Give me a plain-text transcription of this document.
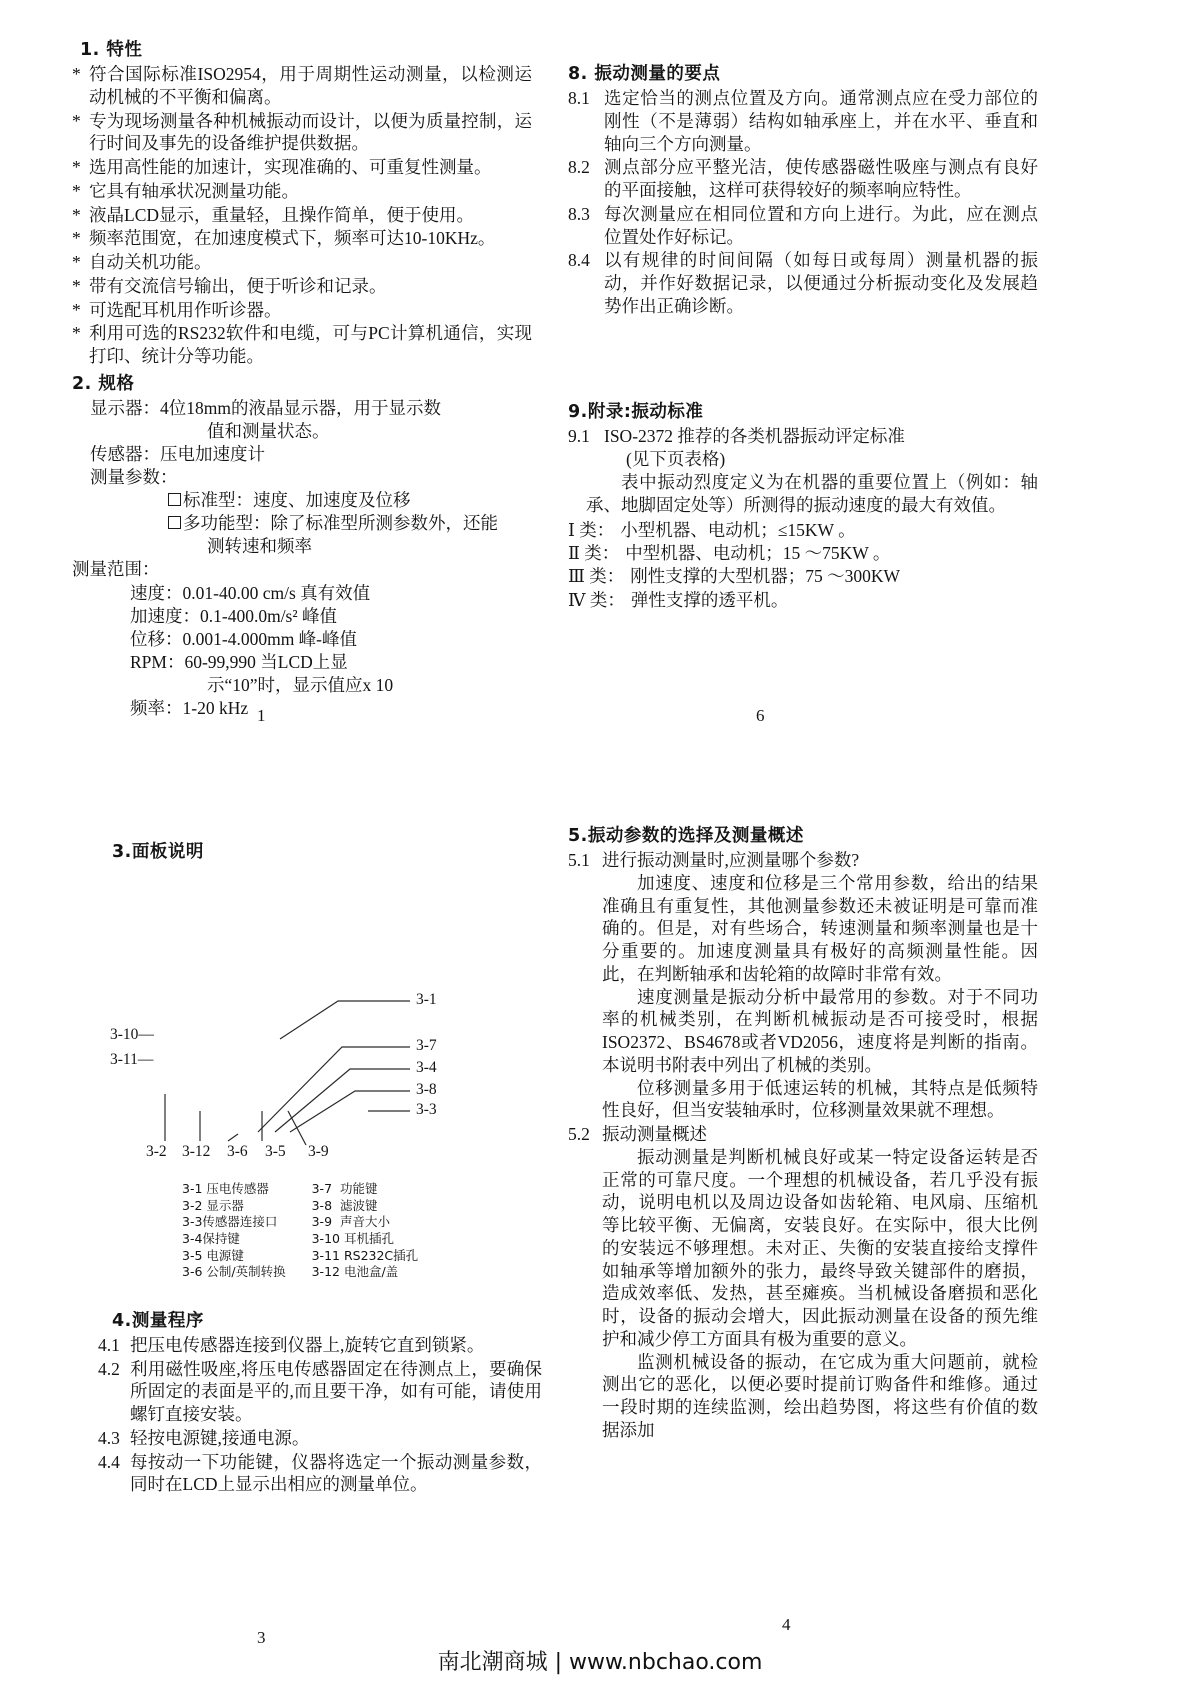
1. 特性
* 符合国际标准ISO2954，用于周期性运动测量，以检测运动机械的不平衡和偏离。
* 专为现场测量各种机械振动而设计，以便为质量控制，运行时间及事先的设备维护提供数据。
* 选用高性能的加速计，实现准确的、可重复性测量。
* 它具有轴承状况测量功能。
* 液晶LCD显示，重量轻，且操作简单，便于使用。
* 频率范围宽，在加速度模式下，频率可达10-10KHz。
* 自动关机功能。
* 带有交流信号输出，便于听诊和记录。
* 可选配耳机用作听诊器。
* 利用可选的RS232软件和电缆，可与PC计算机通信，实现打印、统计分等功能。
2. 规格
显示器：4位18mm的液晶显示器，用于显示数
值和测量状态。
传感器：压电加速度计
测量参数：
标准型：速度、加速度及位移
多功能型：除了标准型所测参数外，还能
测转速和频率
测量范围：
速度：0.01-40.00 cm/s 真有效值
加速度：0.1-400.0m/s² 峰值
位移：0.001-4.000mm 峰-峰值
RPM：60-99,990 当LCD上显
示“10”时，显示值应x 10
频率：1-20 kHz 1
8. 振动测量的要点
8.1 选定恰当的测点位置及方向。通常测点应在受力部位的刚性（不是薄弱）结构如轴承座上，并在水平、垂直和轴向三个方向测量。
8.2 测点部分应平整光洁，使传感器磁性吸座与测点有良好的平面接触，这样可获得较好的频率响应特性。
8.3 每次测量应在相同位置和方向上进行。为此，应在测点位置处作好标记。
8.4 以有规律的时间间隔（如每日或每周）测量机器的振动，并作好数据记录，以便通过分析振动变化及发展趋势作出正确诊断。
9.附录:振动标准
9.1 ISO-2372 推荐的各类机器振动评定标准
(见下页表格)
表中振动烈度定义为在机器的重要位置上（例如：轴承、地脚固定处等）所测得的振动速度的最大有效值。
Ⅰ 类： 小型机器、电动机；≤15KW 。
Ⅱ 类： 中型机器、电动机；15 ～75KW 。
Ⅲ 类： 刚性支撑的大型机器；75 ～300KW
Ⅳ 类： 弹性支撑的透平机。
6
3.面板说明
3-1
3-7
3-4
3-8
3-3
3-10—
3-11—
3-2 3-12 3-6 3-5 3-9
3-1 压电传感器
3-2 显示器
3-3传感器连接口
3-4保持键
3-5 电源键
3-6 公制/英制转换
3-7  功能键
3-8  滤波键
3-9  声音大小
3-10 耳机插孔
3-11 RS232C插孔
3-12 电池盒/盖
4.测量程序
4.1 把压电传感器连接到仪器上,旋转它直到锁紧。
4.2 利用磁性吸座,将压电传感器固定在待测点上，要确保所固定的表面是平的,而且要干净，如有可能，请使用螺钉直接安装。
4.3 轻按电源键,接通电源。
4.4 每按动一下功能键，仪器将选定一个振动测量参数，同时在LCD上显示出相应的测量单位。
3
5.振动参数的选择及测量概述
5.1 进行振动测量时,应测量哪个参数?
加速度、速度和位移是三个常用参数，给出的结果准确且有重复性，其他测量参数还未被证明是可靠而准确的。但是，对有些场合，转速测量和频率测量也是十分重要的。加速度测量具有极好的高频测量性能。因此，在判断轴承和齿轮箱的故障时非常有效。
速度测量是振动分析中最常用的参数。对于不同功率的机械类别，在判断机械振动是否可接受时，根据ISO2372、BS4678或者VD2056，速度将是判断的指南。本说明书附表中列出了机械的类别。
位移测量多用于低速运转的机械，其特点是低频特性良好，但当安装轴承时，位移测量效果就不理想。
5.2 振动测量概述
振动测量是判断机械良好或某一特定设备运转是否正常的可靠尺度。一个理想的机械设备，若几乎没有振动，说明电机以及周边设备如齿轮箱、电风扇、压缩机等比较平衡、无偏离，安装良好。在实际中，很大比例的安装远不够理想。未对正、失衡的安装直接给支撑件如轴承等增加额外的张力，最终导致关键部件的磨损，造成效率低、发热，甚至瘫痪。当机械设备磨损和恶化时，设备的振动会增大，因此振动测量在设备的预先维护和减少停工方面具有极为重要的意义。
监测机械设备的振动，在它成为重大问题前，就检测出它的恶化，以便必要时提前订购备件和维修。通过一段时期的连续监测，绘出趋势图，将这些有价值的数据添加
4
南北潮商城 | www.nbchao.com
